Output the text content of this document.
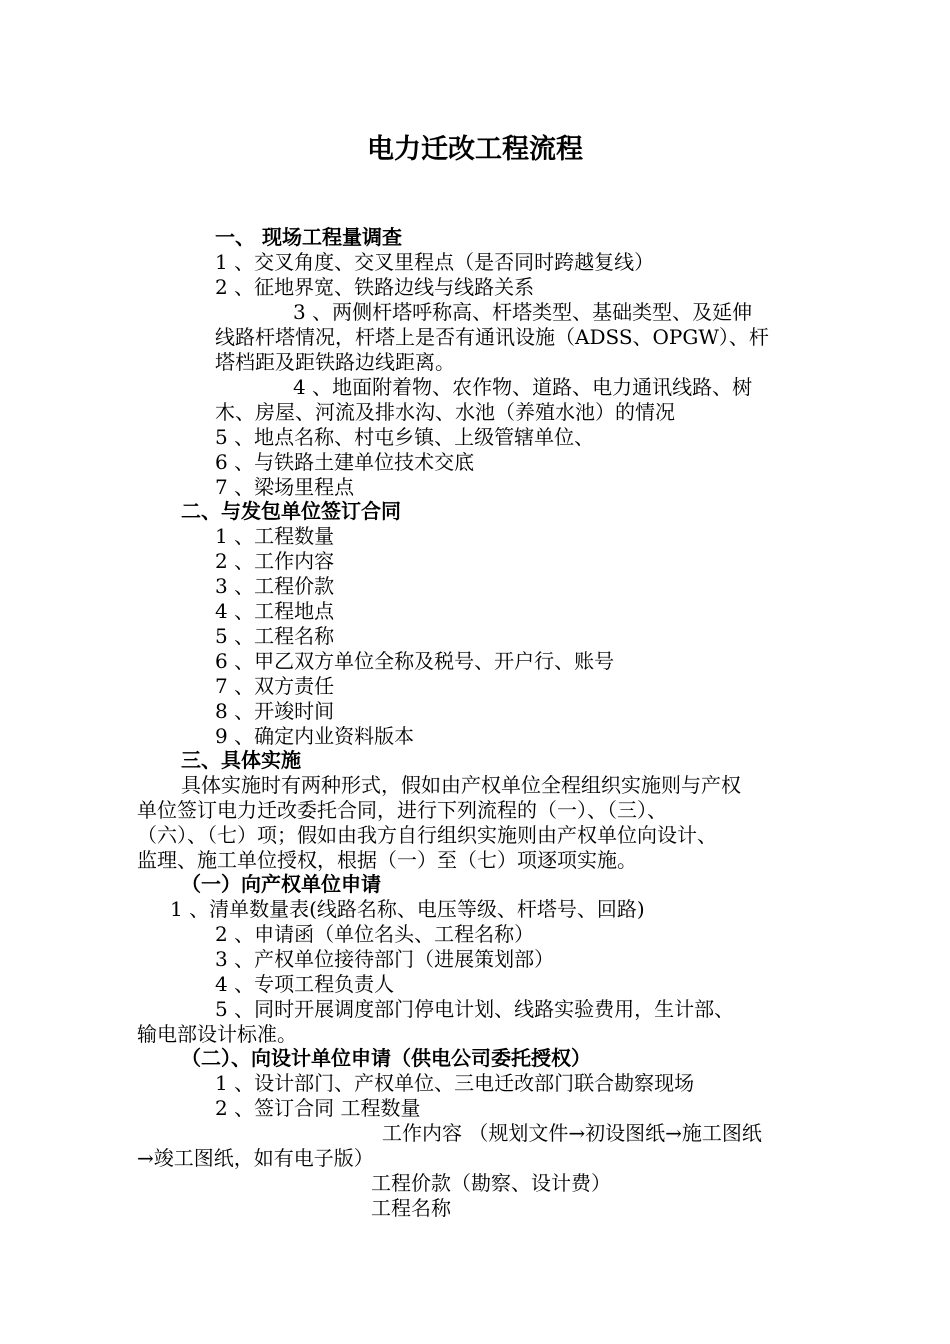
电力迁改工程流程
一、 现场工程量调查
1 、交叉角度、交叉里程点（是否同时跨越复线）
2 、征地界宽、铁路边线与线路关系
3 、两侧杆塔呼称高、杆塔类型、基础类型、及延伸
线路杆塔情况，杆塔上是否有通讯设施（ADSS、OPGW）、杆
塔档距及距铁路边线距离。
4 、地面附着物、农作物、道路、电力通讯线路、树
木、房屋、河流及排水沟、水池（养殖水池）的情况
5 、地点名称、村屯乡镇、上级管辖单位、
6 、与铁路土建单位技术交底
7 、梁场里程点
二、与发包单位签订合同
1 、工程数量
2 、工作内容
3 、工程价款
4 、工程地点
5 、工程名称
6 、甲乙双方单位全称及税号、开户行、账号
7 、双方责任
8 、开竣时间
9 、确定内业资料版本
三、具体实施
具体实施时有两种形式，假如由产权单位全程组织实施则与产权
单位签订电力迁改委托合同，进行下列流程的（一）、（三）、
（六）、（七）项；假如由我方自行组织实施则由产权单位向设计、
监理、施工单位授权，根据（一）至（七）项逐项实施。
（一）向产权单位申请
1 、清单数量表(线路名称、电压等级、杆塔号、回路)
2 、申请函（单位名头、工程名称）
3 、产权单位接待部门（进展策划部）
4 、专项工程负责人
5 、同时开展调度部门停电计划、线路实验费用，生计部、
输电部设计标准。
（二）、向设计单位申请（供电公司委托授权）
1 、设计部门、产权单位、三电迁改部门联合勘察现场
2 、签订合同 工程数量
工作内容 （规划文件→初设图纸→施工图纸
→竣工图纸，如有电子版）
工程价款（勘察、设计费）
工程名称
